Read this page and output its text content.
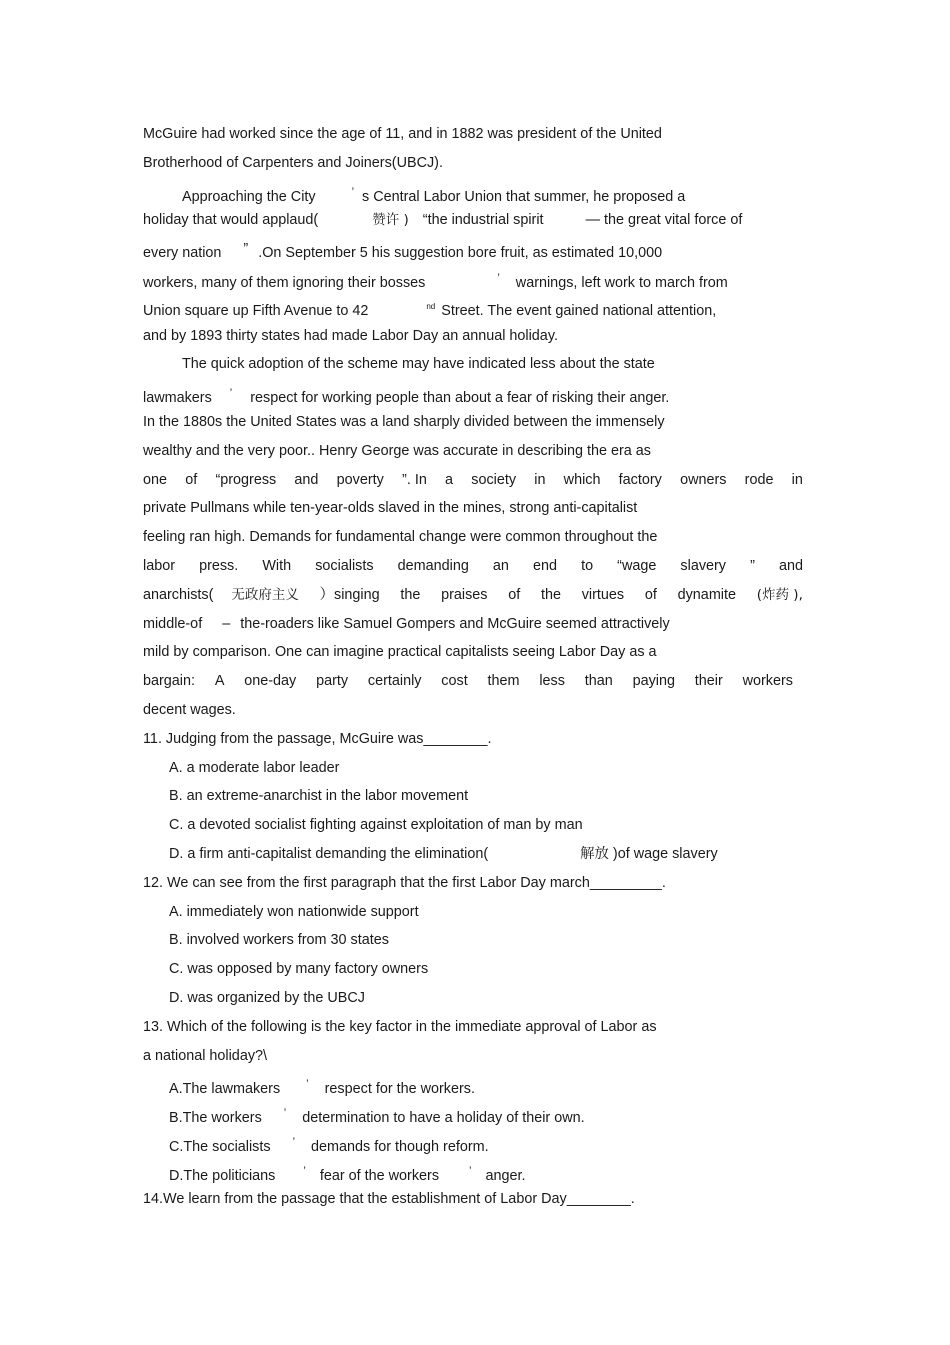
McGuire had worked since the age of 11, and in 1882 was president of the United
Brotherhood of Carpenters and Joiners(UBCJ).
Approaching the City	’ s Central Labor Union that summer, he proposed a
holiday that would applaud(	赞许 ) “the industrial spirit	— the great vital force of
every nation ” .On September 5 his suggestion bore fruit, as estimated 10,000
workers, many of them ignoring their bosses	’ warnings, left work to march from
Union square up Fifth Avenue to 42	$^{nd}$ Street. The event gained national attention,
and by 1893 thirty states had made Labor Day an annual holiday.
The quick adoption of the scheme may have indicated less about the state
lawmakers ’ respect for working people than about a fear of risking their anger.
In the 1880s the United States was a land sharply divided between the immensely
wealthy and the very poor.. Henry George was accurate in describing the era as
one of “progress and poverty ”. In a society in which factory owners rode in
private Pullmans while ten-year-olds slaved in the mines, strong anti-capitalist
feeling ran high. Demands for fundamental change were common throughout the
labor press. With socialists demanding an end to “wage slavery ” and
anarchists( 无政府主义 ）singing the praises of the virtues of dynamite (炸药 ),
middle-of – the-roaders like Samuel Gompers and McGuire seemed attractively
mild by comparison. One can imagine practical capitalists seeing Labor Day as a
bargain: A one-day party certainly cost them less than paying their workers
decent wages.
11. Judging from the passage, McGuire was________.
A. a moderate labor leader
B. an extreme-anarchist in the labor movement
C. a devoted socialist fighting against exploitation of man by man
D. a firm anti-capitalist demanding the elimination(	解放 )of wage slavery
12. We can see from the first paragraph that the first Labor Day march_________.
A. immediately won nationwide support
B. involved workers from 30 states
C. was opposed by many factory owners
D. was organized by the UBCJ
13. Which of the following is the key factor in the immediate approval of Labor as
a national holiday?\
A.The lawmakers ’ respect for the workers.
B.The workers ’ determination to have a holiday of their own.
C.The socialists ’ demands for though reform.
D.The politicians	’ fear of the workers	’ anger.
14.We learn from the passage that the establishment of Labor Day________.
